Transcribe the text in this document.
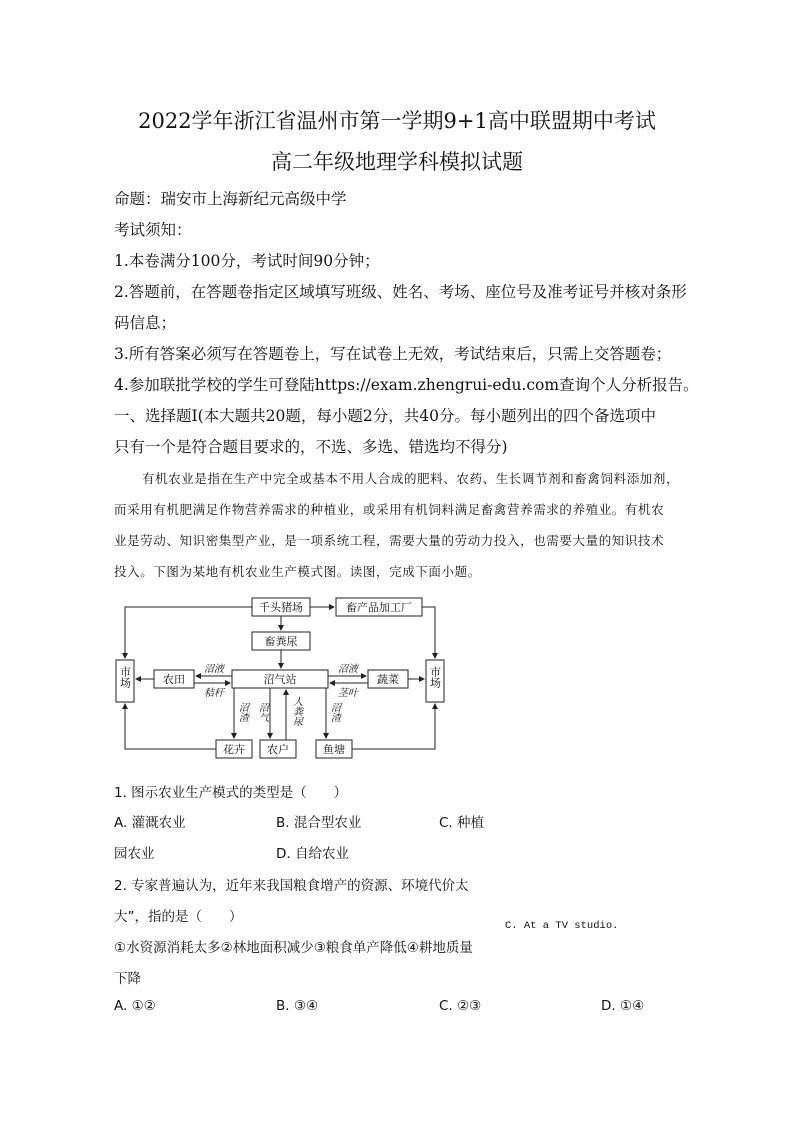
2022学年浙江省温州市第一学期9+1高中联盟期中考试
高二年级地理学科模拟试题
命题：瑞安市上海新纪元高级中学
考试须知：
1.本卷满分100分，考试时间90分钟；
2.答题前，在答题卷指定区域填写班级、姓名、考场、座位号及准考证号并核对条形
码信息；
3.所有答案必须写在答题卷上，写在试卷上无效，考试结束后，只需上交答题卷；
4.参加联批学校的学生可登陆https://exam.zhengrui-edu.com查询个人分析报告。
一、选择题Ⅰ(本大题共20题，每小题2分，共40分。每小题列出的四个备选项中
只有一个是符合题目要求的，不选、多选、错选均不得分)
有机农业是指在生产中完全或基本不用人合成的肥料、农药、生长调节剂和畜禽饲料添加剂，
而采用有机肥满足作物营养需求的种植业，或采用有机饲料满足畜禽营养需求的养殖业。有机农
业是劳动、知识密集型产业，是一项系统工程，需要大量的劳动力投入，也需要大量的知识技术
投入。下图为某地有机农业生产模式图。读图，完成下面小题。
千头猪场	畜产品加工厂
畜粪尿
沼气站
农田	蔬菜
花卉 农户	鱼塘
沼液
秸秆
沼液
茎叶
沼渣 沼气 人粪尿	沼渣
市场	市场
1. 图示农业生产模式的类型是（　　）
A. 灌溉农业	B. 混合型农业	C. 种植
园农业	D. 自给农业
2. 专家普遍认为，近年来我国粮食增产的资源、环境代价太
大”，指的是（　　）
C. At a TV studio.
①水资源消耗太多②林地面积减少③粮食单产降低④耕地质量
下降
A. ①②	B. ③④	C. ②③	D. ①④
